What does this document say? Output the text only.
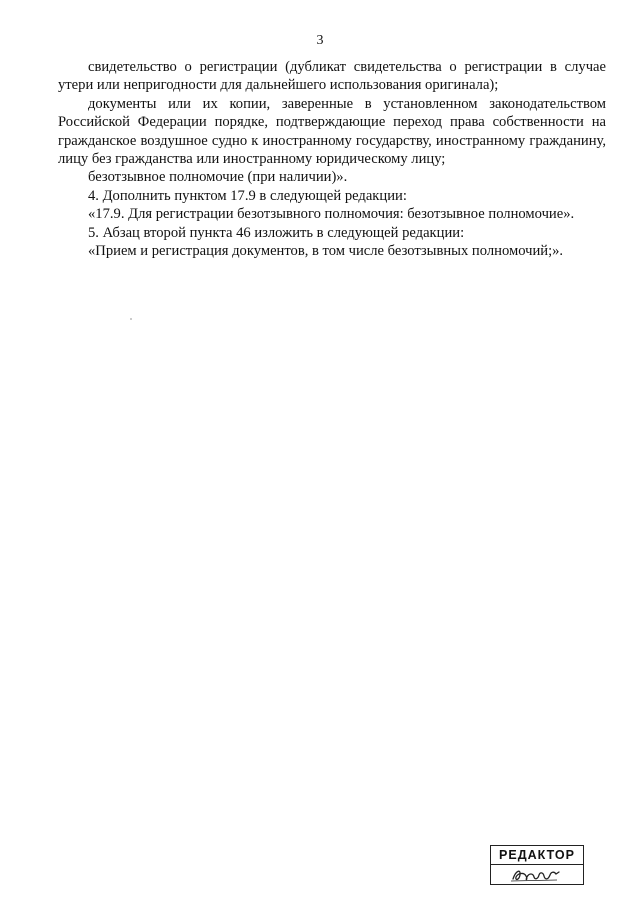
3

свидетельство о регистрации (дубликат свидетельства о регистрации в случае утери или непригодности для дальнейшего использования оригинала);

документы или их копии, заверенные в установленном законодательством Российской Федерации порядке, подтверждающие переход права собственности на гражданское воздушное судно к иностранному государству, иностранному гражданину, лицу без гражданства или иностранному юридическому лицу;

безотзывное полномочие (при наличии)».

4. Дополнить пунктом 17.9 в следующей редакции:

«17.9. Для регистрации безотзывного полномочия: безотзывное полномочие».

5. Абзац второй пункта 46 изложить в следующей редакции:

«Прием и регистрация документов, в том числе безотзывных полномочий;».

РЕДАКТОР
